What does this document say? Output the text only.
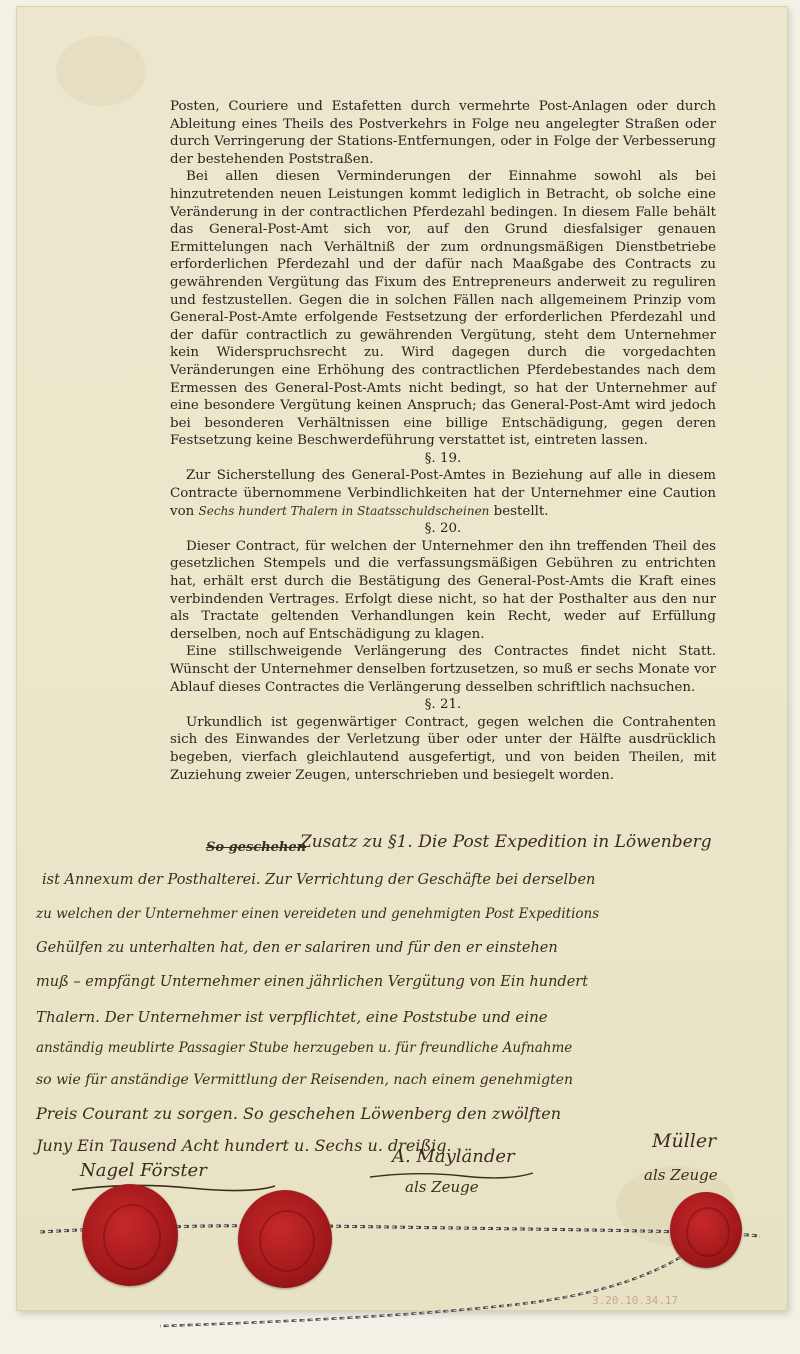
Posten, Couriere und Estafetten durch vermehrte Post-Anlagen oder durch Ableitung eines Theils des Postverkehrs in Folge neu angelegter Straßen oder durch Verringerung der Stations-Entfernungen, oder in Folge der Verbesserung der bestehenden Poststraßen.

Bei allen diesen Verminderungen der Einnahme sowohl als bei hinzutretenden neuen Leistungen kommt lediglich in Betracht, ob solche eine Veränderung in der contractlichen Pferdezahl bedingen. In diesem Falle behält das General-Post-Amt sich vor, auf den Grund diesfalsiger genauen Ermittelungen nach Verhältniß der zum ordnungsmäßigen Dienstbetriebe erforderlichen Pferdezahl und der dafür nach Maaßgabe des Contracts zu gewährenden Vergütung das Fixum des Entrepreneurs anderweit zu reguliren und festzustellen. Gegen die in solchen Fällen nach allgemeinem Prinzip vom General-Post-Amte erfolgende Festsetzung der erforderlichen Pferdezahl und der dafür contractlich zu gewährenden Vergütung, steht dem Unternehmer kein Widerspruchsrecht zu. Wird dagegen durch die vorgedachten Veränderungen eine Erhöhung des contractlichen Pferdebestandes nach dem Ermessen des General-Post-Amts nicht bedingt, so hat der Unternehmer auf eine besondere Vergütung keinen Anspruch; das General-Post-Amt wird jedoch bei besonderen Verhältnissen eine billige Entschädigung, gegen deren Festsetzung keine Beschwerdeführung verstattet ist, eintreten lassen.

§. 19.

Zur Sicherstellung des General-Post-Amtes in Beziehung auf alle in diesem Contracte übernommene Verbindlichkeiten hat der Unternehmer eine Caution von Sechs hundert Thalern in Staatsschuldscheinen bestellt.

§. 20.

Dieser Contract, für welchen der Unternehmer den ihn treffenden Theil des gesetzlichen Stempels und die verfassungsmäßigen Gebühren zu entrichten hat, erhält erst durch die Bestätigung des General-Post-Amts die Kraft eines verbindenden Vertrages. Erfolgt diese nicht, so hat der Posthalter aus den nur als Tractate geltenden Verhandlungen kein Recht, weder auf Erfüllung derselben, noch auf Entschädigung zu klagen.

Eine stillschweigende Verlängerung des Contractes findet nicht Statt. Wünscht der Unternehmer denselben fortzusetzen, so muß er sechs Monate vor Ablauf dieses Contractes die Verlängerung desselben schriftlich nachsuchen.

§. 21.

Urkundlich ist gegenwärtiger Contract, gegen welchen die Contrahenten sich des Einwandes der Verletzung über oder unter der Hälfte ausdrücklich begeben, vierfach gleichlautend ausgefertigt, und von beiden Theilen, mit Zuziehung zweier Zeugen, unterschrieben und besiegelt worden.

So geschehen
Zusatz zu §1. Die Post Expedition in Löwenberg
ist Annexum der Posthalterei. Zur Verrichtung der Geschäfte bei derselben
zu welchen der Unternehmer einen vereideten und genehmigten Post Expeditions
Gehülfen zu unterhalten hat, den er salariren und für den er einstehen
muß – empfängt Unternehmer einen jährlichen Vergütung von Ein hundert
Thalern. Der Unternehmer ist verpflichtet, eine Poststube und eine
anständig meublirte Passagier Stube herzugeben u. für freundliche Aufnahme
so wie für anständige Vermittlung der Reisenden, nach einem genehmigten
Preis Courant zu sorgen. So geschehen Löwenberg den zwölften
Juny Ein Tausend Acht hundert u. Sechs u. dreißig.
Nagel Förster
A. Mayländer
als Zeuge
Müller
als Zeuge
3.20.10.34.17
